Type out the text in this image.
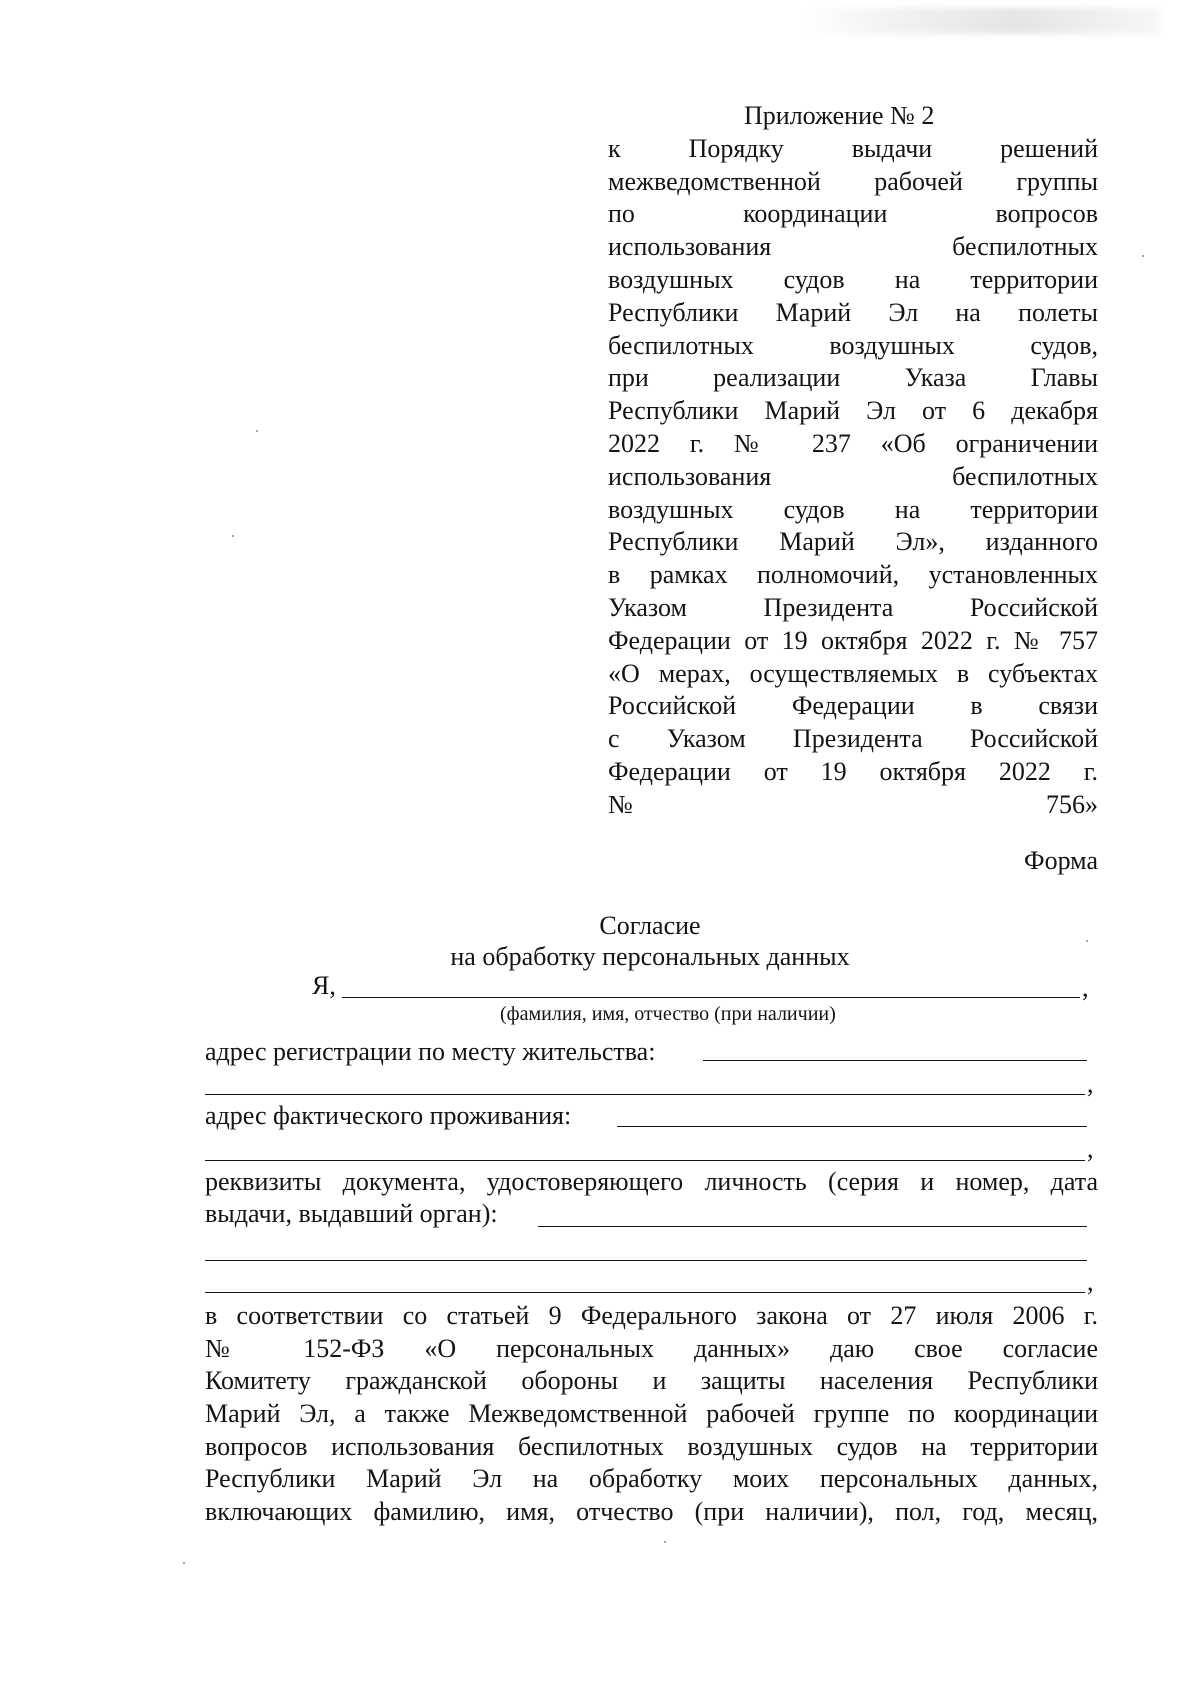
Приложение № 2
к Порядку выдачи решений
межведомственной рабочей группы
по координации вопросов
использования беспилотных
воздушных судов на территории
Республики Марий Эл на полеты
беспилотных воздушных судов,
при реализации Указа Главы
Республики Марий Эл от 6 декабря
2022 г. № 237 «Об ограничении
использования беспилотных
воздушных судов на территории
Республики Марий Эл», изданного
в рамках полномочий, установленных
Указом Президента Российской
Федерации от 19 октября 2022 г. № 757
«О мерах, осуществляемых в субъектах
Российской Федерации в связи
с Указом Президента Российской
Федерации от 19 октября 2022 г.
№ 756»
Форма
Согласие
на обработку персональных данных
Я,	,
(фамилия, имя, отчество (при наличии)
адрес регистрации по месту жительства:
,
адрес фактического проживания:
,
реквизиты документа, удостоверяющего личность (серия и номер, дата
выдачи, выдавший орган):
,
в соответствии со статьей 9 Федерального закона от 27 июля 2006 г.
№ 152-ФЗ «О персональных данных» даю свое согласие
Комитету гражданской обороны и защиты населения Республики
Марий Эл, а также Межведомственной рабочей группе по координации
вопросов использования беспилотных воздушных судов на территории
Республики Марий Эл на обработку моих персональных данных,
включающих фамилию, имя, отчество (при наличии), пол, год, месяц,
